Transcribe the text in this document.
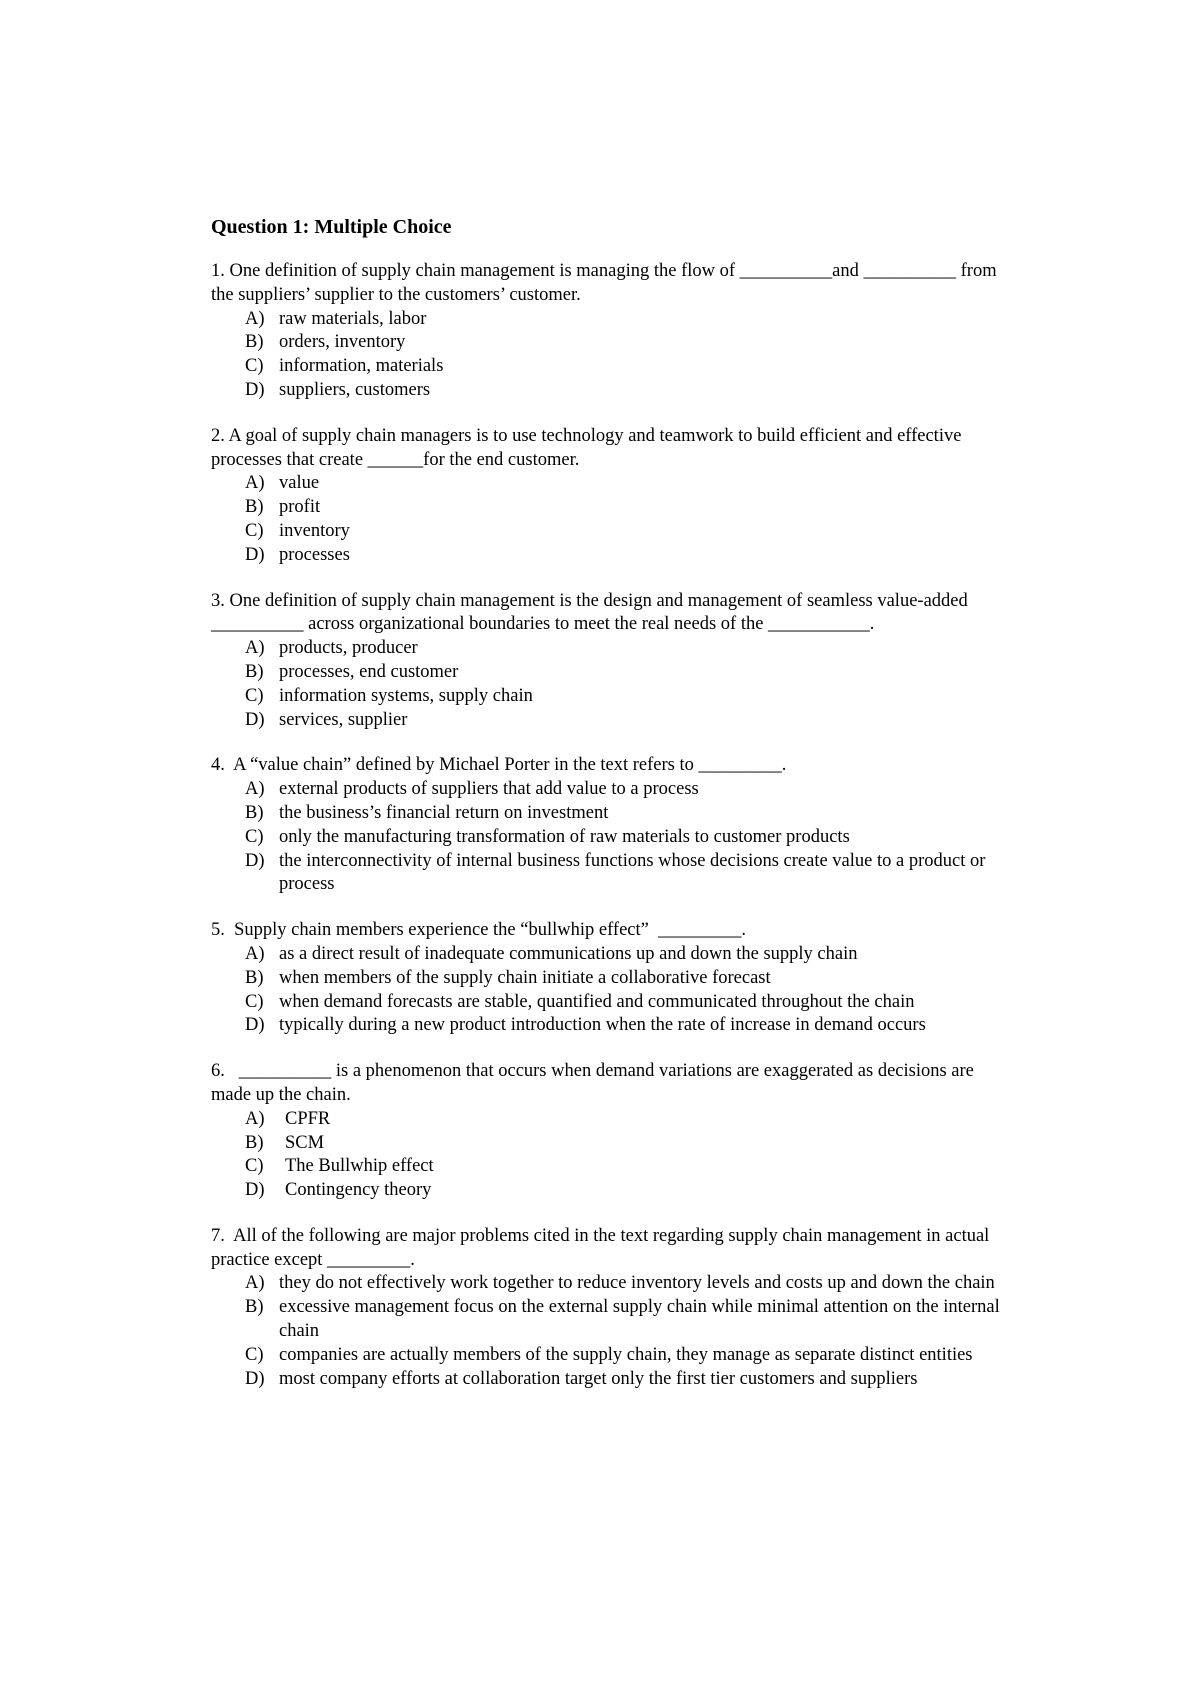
Question 1: Multiple Choice

1. One definition of supply chain management is managing the flow of __________and __________ from the suppliers’ supplier to the customers’ customer.

A) raw materials, labor
B) orders, inventory
C) information, materials
D) suppliers, customers

2. A goal of supply chain managers is to use technology and teamwork to build efficient and effective processes that create ______for the end customer.

A) value
B) profit
C) inventory
D) processes

3. One definition of supply chain management is the design and management of seamless value-added __________ across organizational boundaries to meet the real needs of the ___________.

A) products, producer
B) processes, end customer
C) information systems, supply chain
D) services, supplier

4.  A “value chain” defined by Michael Porter in the text refers to _________.

A) external products of suppliers that add value to a process
B) the business’s financial return on investment
C) only the manufacturing transformation of raw materials to customer products
D) the interconnectivity of internal business functions whose decisions create value to a product or process

5.  Supply chain members experience the “bullwhip effect”  _________.

A) as a direct result of inadequate communications up and down the supply chain
B) when members of the supply chain initiate a collaborative forecast
C) when demand forecasts are stable, quantified and communicated throughout the chain
D) typically during a new product introduction when the rate of increase in demand occurs

6.   __________ is a phenomenon that occurs when demand variations are exaggerated as decisions are made up the chain.

A)	CPFR
B)	SCM
C)	The Bullwhip effect
D)	Contingency theory

7.  All of the following are major problems cited in the text regarding supply chain management in actual practice except _________.

A) they do not effectively work together to reduce inventory levels and costs up and down the chain
B) excessive management focus on the external supply chain while minimal attention on the internal chain
C) companies are actually members of the supply chain, they manage as separate distinct entities
D) most company efforts at collaboration target only the first tier customers and suppliers
